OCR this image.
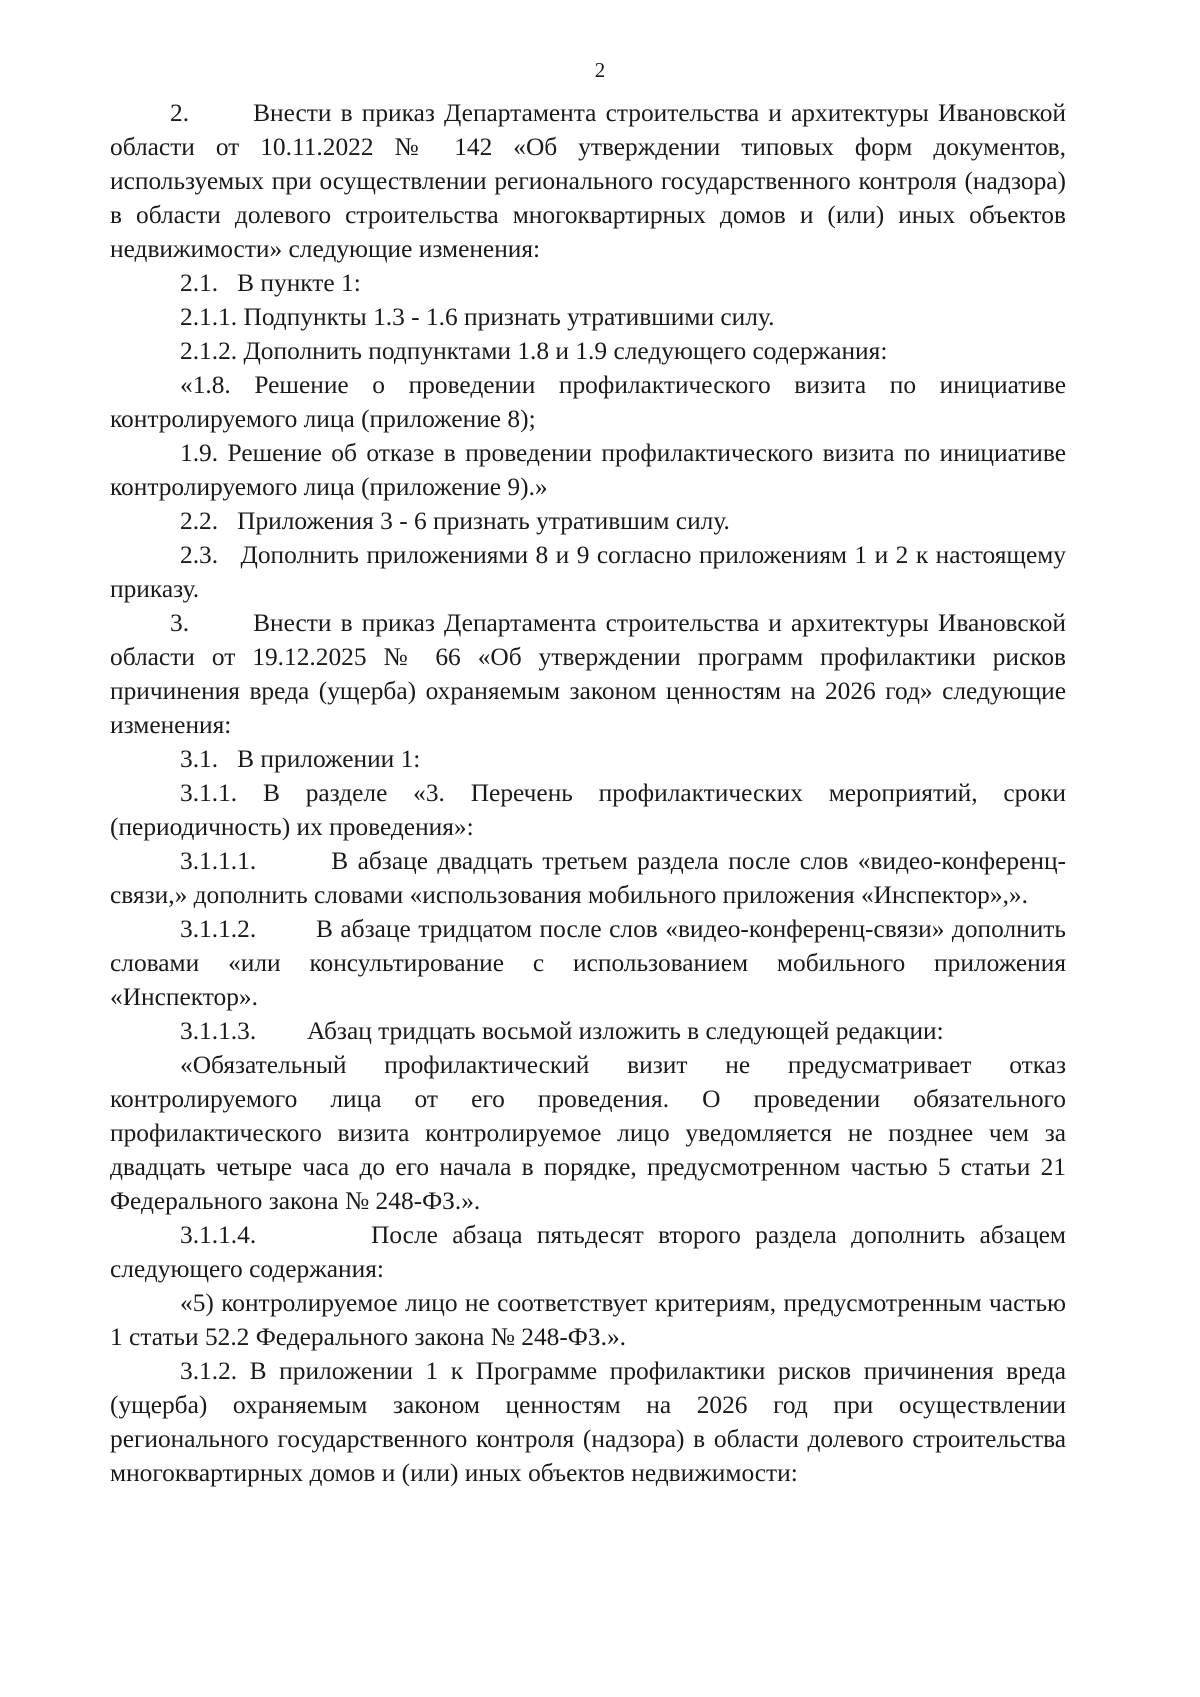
2

2.       Внести в приказ Департамента строительства и архитектуры Ивановской области от 10.11.2022 № 142 «Об утверждении типовых форм документов, используемых при осуществлении регионального государственного контроля (надзора) в области долевого строительства многоквартирных домов и (или) иных объектов недвижимости» следующие изменения:

2.1.   В пункте 1:

2.1.1. Подпункты 1.3 - 1.6 признать утратившими силу.

2.1.2. Дополнить подпунктами 1.8 и 1.9 следующего содержания:

«1.8. Решение о проведении профилактического визита по инициативе контролируемого лица (приложение 8);

1.9. Решение об отказе в проведении профилактического визита по инициативе контролируемого лица (приложение 9).»

2.2.   Приложения 3 - 6 признать утратившим силу.

2.3.   Дополнить приложениями 8 и 9 согласно приложениям 1 и 2 к настоящему приказу.

3.       Внести в приказ Департамента строительства и архитектуры Ивановской области от 19.12.2025 № 66 «Об утверждении программ профилактики рисков причинения вреда (ущерба) охраняемым законом ценностям на 2026 год» следующие изменения:

3.1.   В приложении 1:

3.1.1. В разделе «3. Перечень профилактических мероприятий, сроки (периодичность) их проведения»:

3.1.1.1.        В абзаце двадцать третьем раздела после слов «видео-конференц-связи,» дополнить словами «использования мобильного приложения «Инспектор»,».

3.1.1.2.        В абзаце тридцатом после слов «видео-конференц-связи» дополнить словами «или консультирование с использованием мобильного приложения «Инспектор».

3.1.1.3.        Абзац тридцать восьмой изложить в следующей редакции:

«Обязательный профилактический визит не предусматривает отказ контролируемого лица от его проведения. О проведении обязательного профилактического визита контролируемое лицо уведомляется не позднее чем за двадцать четыре часа до его начала в порядке, предусмотренном частью 5 статьи 21 Федерального закона № 248-ФЗ.».

3.1.1.4.        После абзаца пятьдесят второго раздела дополнить абзацем следующего содержания:

«5) контролируемое лицо не соответствует критериям, предусмотренным частью 1 статьи 52.2 Федерального закона № 248-ФЗ.».

3.1.2. В приложении 1 к Программе профилактики рисков причинения вреда (ущерба) охраняемым законом ценностям на 2026 год при осуществлении регионального государственного контроля (надзора) в области долевого строительства многоквартирных домов и (или) иных объектов недвижимости:
